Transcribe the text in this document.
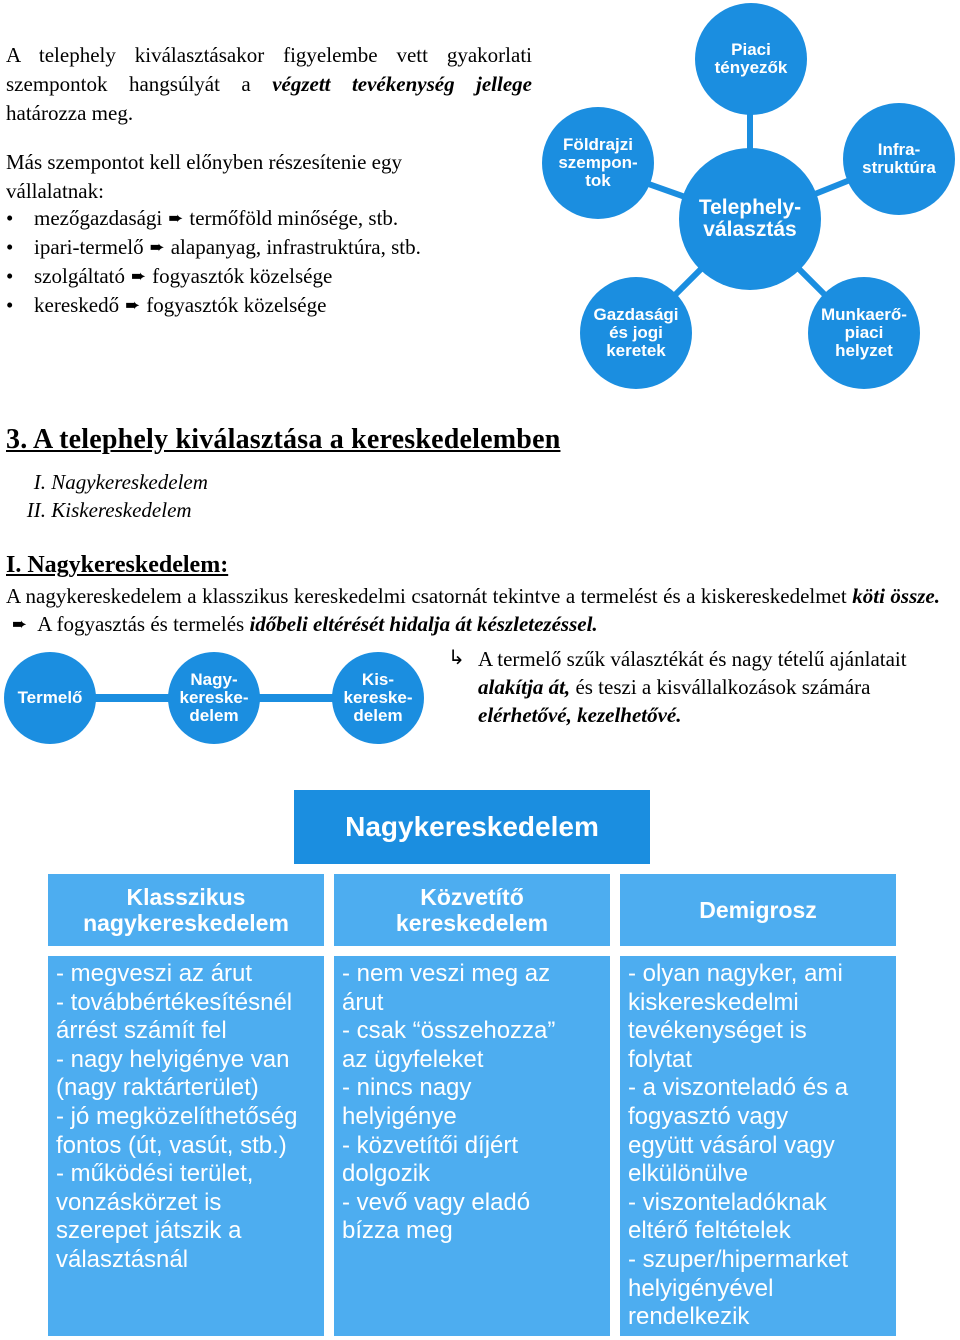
A telephely kiválasztásakor figyelembe vett gyakorlati szempontok hangsúlyát a végzett tevékenység jellege határozza meg.
Más szempontot kell előnyben részesítenie egy vállalatnak:
• mezőgazdasági ➨ termőföld minősége, stb.
• ipari-termelő ➨ alapanyag, infrastruktúra, stb.
• szolgáltató ➨ fogyasztók közelsége
• kereskedő ➨ fogyasztók közelsége
Telephely-
választás
Piaci
tényezők
Infra-
struktúra
Munkaerő-
piaci
helyzet
Gazdasági
és jogi
keretek
Földrajzi
szempon-
tok
3. A telephely kiválasztása a kereskedelemben
I. Nagykereskedelem
II. Kiskereskedelem
I. Nagykereskedelem:
A nagykereskedelem a klasszikus kereskedelmi csatornát tekintve a termelést és a kiskereskedelmet köti össze. ➨ A fogyasztás és termelés időbeli eltérését hidalja át készletezéssel.
Termelő
Nagy-
kereske-
delem
Kis-
kereske-
delem
↳ A termelő szűk választékát és nagy tételű ajánlatait alakítja át, és teszi a kisvállalkozások számára elérhetővé, kezelhetővé.
Nagykereskedelem
Klasszikus
nagykereskedelem
Közvetítő
kereskedelem	Demigrosz
- megveszi az árut
- továbbértékesítésnél
árrést számít fel
- nagy helyigénye van
(nagy raktárterület)
- jó megközelíthetőség
fontos (út, vasút, stb.)
- működési terület,
vonzáskörzet is
szerepet játszik a
választásnál
- nem veszi meg az
árut
- csak “összehozza”
az ügyfeleket
- nincs nagy
helyigénye
- közvetítői díjért
dolgozik
- vevő vagy eladó
bízza meg
- olyan nagyker, ami
kiskereskedelmi
tevékenységet is
folytat
- a viszonteladó és a
fogyasztó vagy
együtt vásárol vagy
elkülönülve
- viszonteladóknak
eltérő feltételek
- szuper/hipermarket
helyigényével
rendelkezik
